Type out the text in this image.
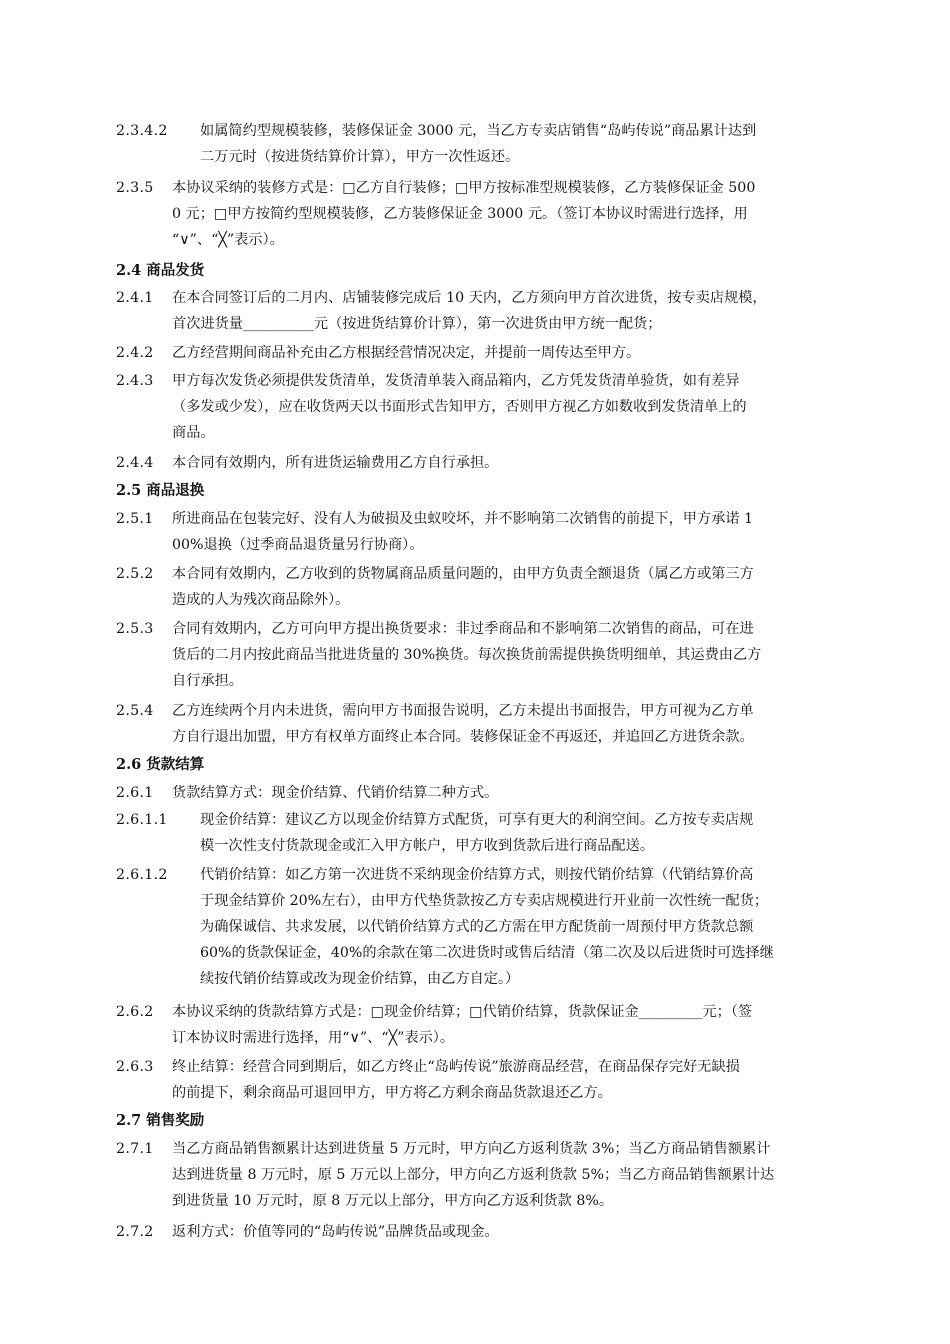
2.3.4.2 如属简约型规模装修，装修保证金 3000 元，当乙方专卖店销售“岛屿传说”商品累计达到
二万元时（按进货结算价计算），甲方一次性返还。
2.3.5 本协议采纳的装修方式是：□乙方自行装修；□甲方按标准型规模装修，乙方装修保证金 500
0 元；□甲方按简约型规模装修，乙方装修保证金 3000 元。（签订本协议时需进行选择，用
“∨”、“╳”表示）。
2.4 商品发货
2.4.1 在本合同签订后的二月内、店铺装修完成后 10 天内，乙方须向甲方首次进货，按专卖店规模，
首次进货量__________元（按进货结算价计算），第一次进货由甲方统一配货；
2.4.2 乙方经营期间商品补充由乙方根据经营情况决定，并提前一周传达至甲方。
2.4.3 甲方每次发货必须提供发货清单，发货清单装入商品箱内，乙方凭发货清单验货，如有差异
（多发或少发），应在收货两天以书面形式告知甲方，否则甲方视乙方如数收到发货清单上的
商品。
2.4.4 本合同有效期内，所有进货运输费用乙方自行承担。
2.5 商品退换
2.5.1 所进商品在包装完好、没有人为破损及虫蚁咬坏，并不影响第二次销售的前提下，甲方承诺 1
00%退换（过季商品退货量另行协商）。
2.5.2 本合同有效期内，乙方收到的货物属商品质量问题的，由甲方负责全额退货（属乙方或第三方
造成的人为残次商品除外）。
2.5.3 合同有效期内，乙方可向甲方提出换货要求：非过季商品和不影响第二次销售的商品，可在进
货后的二月内按此商品当批进货量的 30%换货。每次换货前需提供换货明细单，其运费由乙方
自行承担。
2.5.4 乙方连续两个月内未进货，需向甲方书面报告说明，乙方未提出书面报告，甲方可视为乙方单
方自行退出加盟，甲方有权单方面终止本合同。装修保证金不再返还，并追回乙方进货余款。
2.6 货款结算
2.6.1 货款结算方式：现金价结算、代销价结算二种方式。
2.6.1.1 现金价结算：建议乙方以现金价结算方式配货，可享有更大的利润空间。乙方按专卖店规
模一次性支付货款现金或汇入甲方帐户，甲方收到货款后进行商品配送。
2.6.1.2 代销价结算：如乙方第一次进货不采纳现金价结算方式，则按代销价结算（代销结算价高
于现金结算价 20%左右），由甲方代垫货款按乙方专卖店规模进行开业前一次性统一配货；
为确保诚信、共求发展，以代销价结算方式的乙方需在甲方配货前一周预付甲方货款总额
60%的货款保证金，40%的余款在第二次进货时或售后结清（第二次及以后进货时可选择继
续按代销价结算或改为现金价结算，由乙方自定。）
2.6.2 本协议采纳的货款结算方式是：□现金价结算；□代销价结算，货款保证金_________元；（签
订本协议时需进行选择，用“∨”、“╳”表示）。
2.6.3 终止结算：经营合同到期后，如乙方终止“岛屿传说”旅游商品经营，在商品保存完好无缺损
的前提下，剩余商品可退回甲方，甲方将乙方剩余商品货款退还乙方。
2.7 销售奖励
2.7.1 当乙方商品销售额累计达到进货量 5 万元时，甲方向乙方返利货款 3%；当乙方商品销售额累计
达到进货量 8 万元时，原 5 万元以上部分，甲方向乙方返利货款 5%；当乙方商品销售额累计达
到进货量 10 万元时，原 8 万元以上部分，甲方向乙方返利货款 8%。
2.7.2 返利方式：价值等同的“岛屿传说”品牌货品或现金。
